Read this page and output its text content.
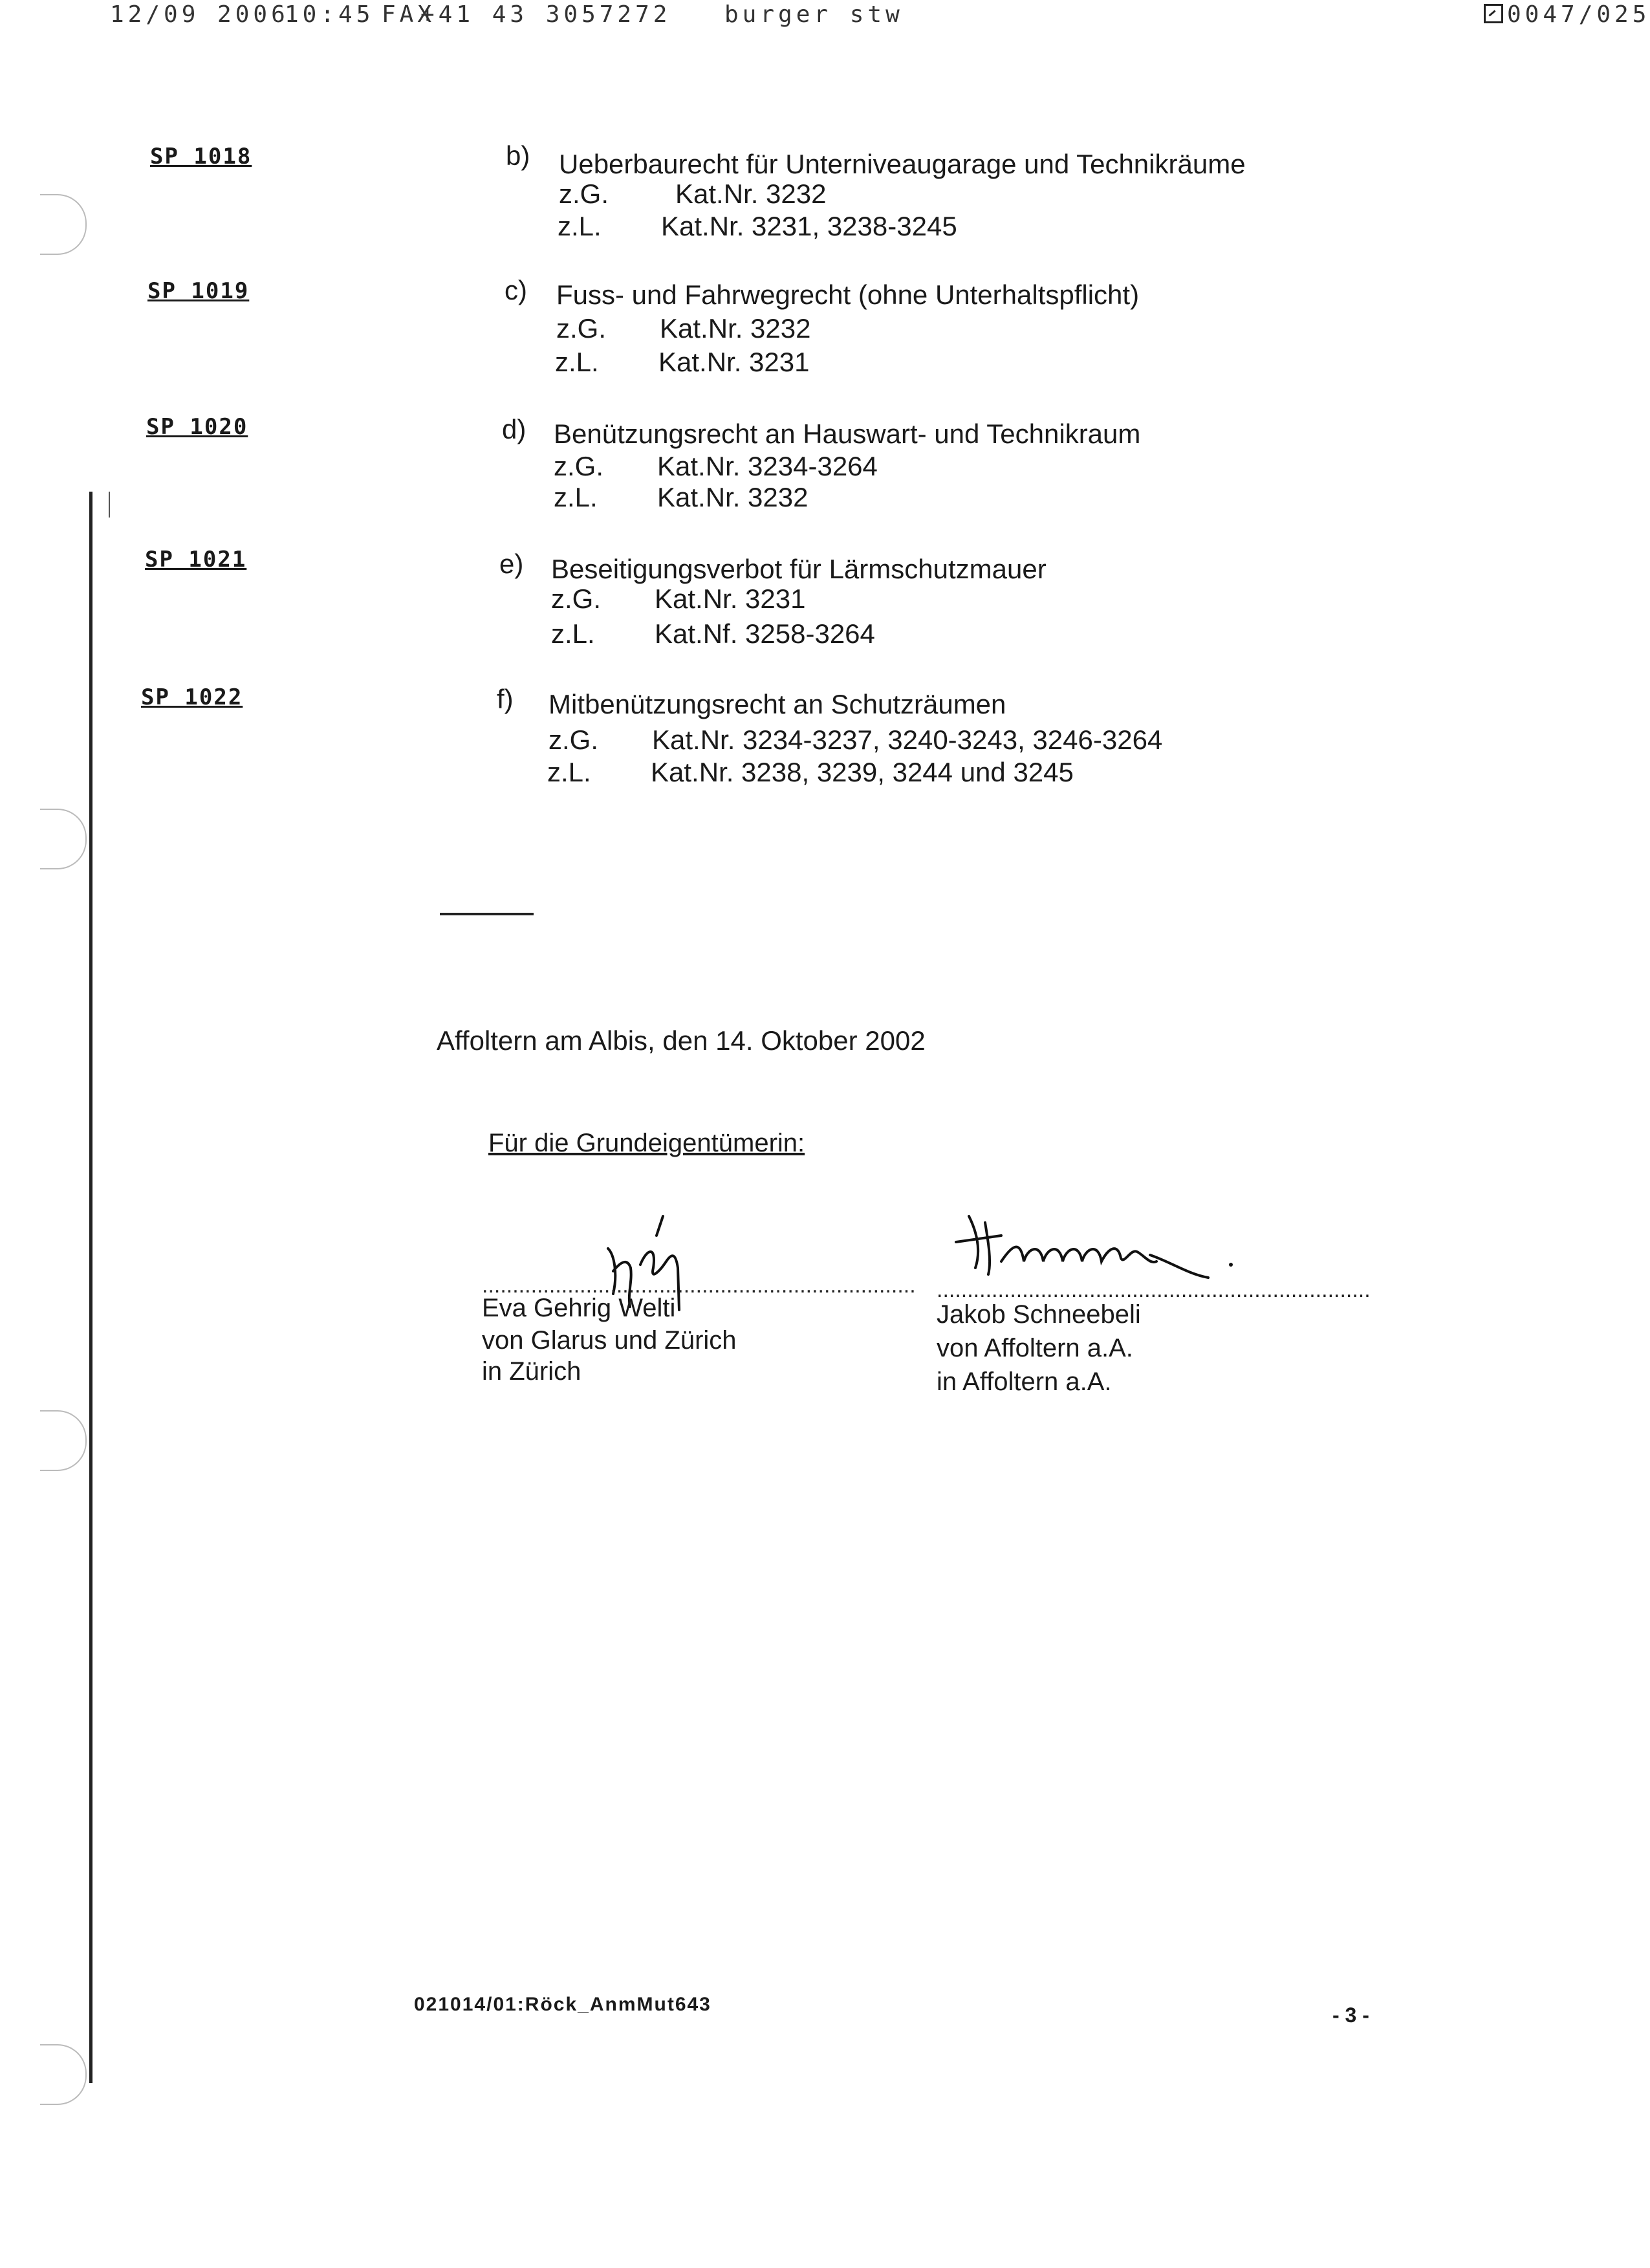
12/09 2006
10:45 FAX
+41 43 3057272 burger stw	0047/025
SP 1018	b) Ueberbaurecht für Unterniveaugarage und Technikräume
z.G. Kat.Nr. 3232
z.L. Kat.Nr. 3231, 3238-3245
SP 1019	c) Fuss- und Fahrwegrecht (ohne Unterhaltspflicht)
z.G. Kat.Nr. 3232
z.L. Kat.Nr. 3231
SP 1020	d) Benützungsrecht an Hauswart- und Technikraum
z.G. Kat.Nr. 3234-3264
z.L. Kat.Nr. 3232
SP 1021	e) Beseitigungsverbot für Lärmschutzmauer
z.G. Kat.Nr. 3231
z.L. Kat.Nf. 3258-3264
SP 1022	f) Mitbenützungsrecht an Schutzräumen
z.G. Kat.Nr. 3234-3237, 3240-3243, 3246-3264
z.L. Kat.Nr. 3238, 3239, 3244 und 3245
Affoltern am Albis, den 14. Oktober 2002
Für die Grundeigentümerin:
.......................................................................
Eva Gehrig Welti
von Glarus und Zürich
in Zürich
.......................................................................
Jakob Schneebeli
von Affoltern a.A.
in Affoltern a.A.
021014/01:Röck_AnmMut643	- 3 -
